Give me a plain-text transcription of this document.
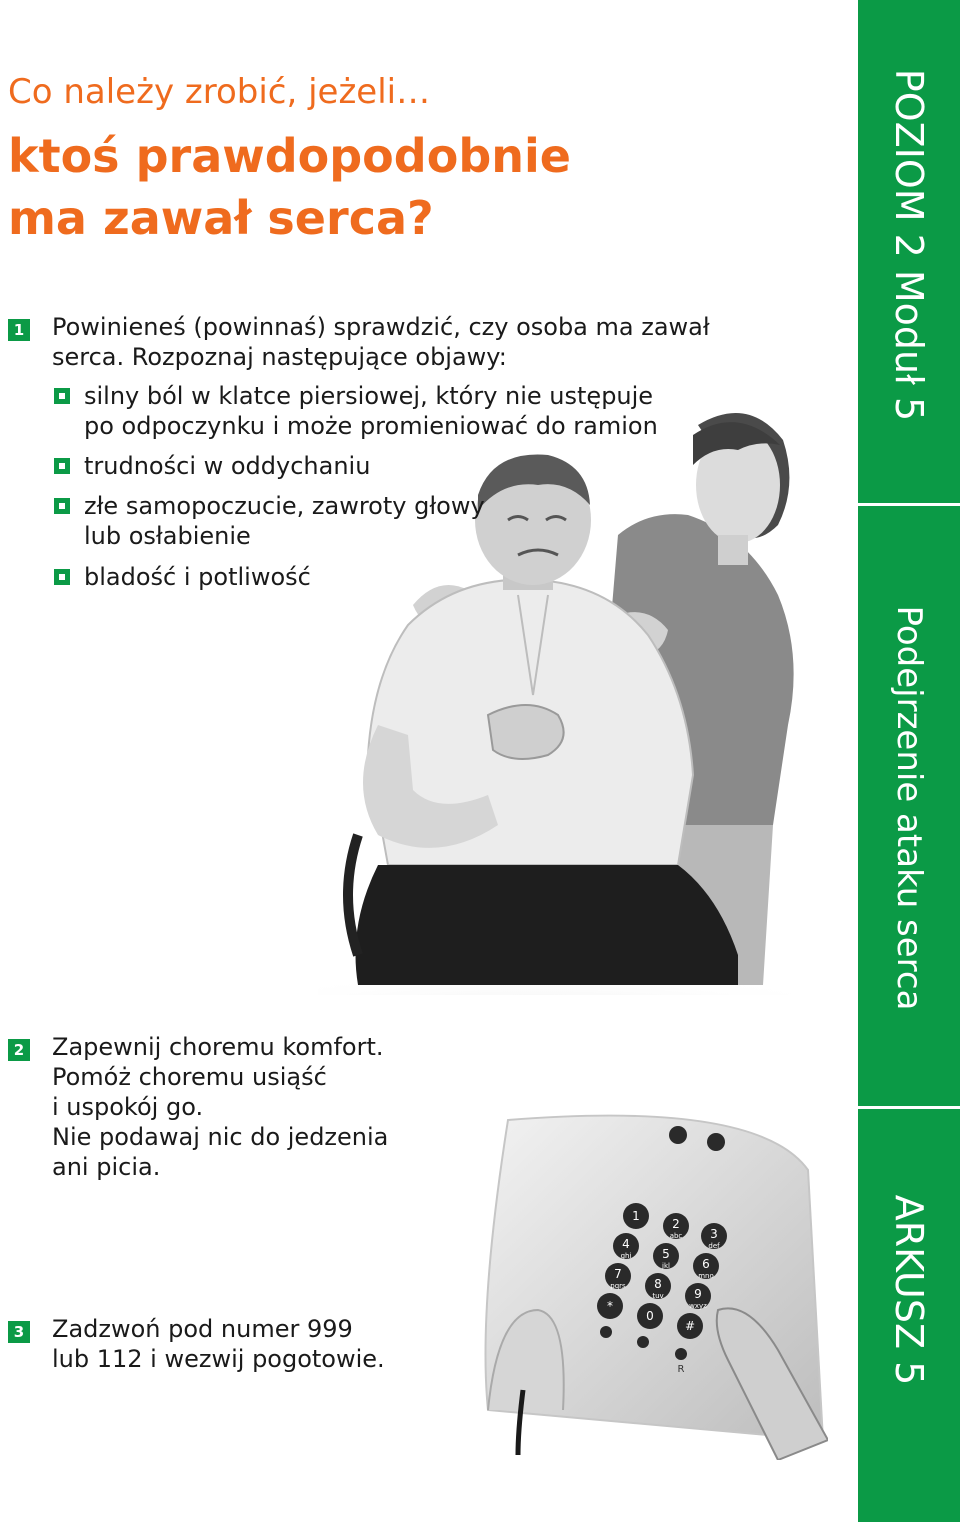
Co należy zrobić, jeżeli…
ktoś prawdopodobnie
ma zawał serca?
1
2
abc 3
def
4
ghi	5
jkl	6
mno
7
pqrs 8
tuv	9
wxyz
*
0
#
R
1 Powinieneś (powinnaś) sprawdzić, czy osoba ma zawał
serca. Rozpoznaj następujące objawy:
silny ból w klatce piersiowej, który nie ustępuje
po odpoczynku i może promieniować do ramion
trudności w oddychaniu
złe samopoczucie, zawroty głowy
lub osłabienie
bladość i potliwość
2 Zapewnij choremu komfort.
Pomóż choremu usiąść
i uspokój go.
Nie podawaj nic do jedzenia
ani picia.
3 Zadzwoń pod numer 999
lub 112 i wezwij pogotowie.
POZIOM 2 Moduł 5
Podejrzenie ataku serca
ARKUSZ 5
